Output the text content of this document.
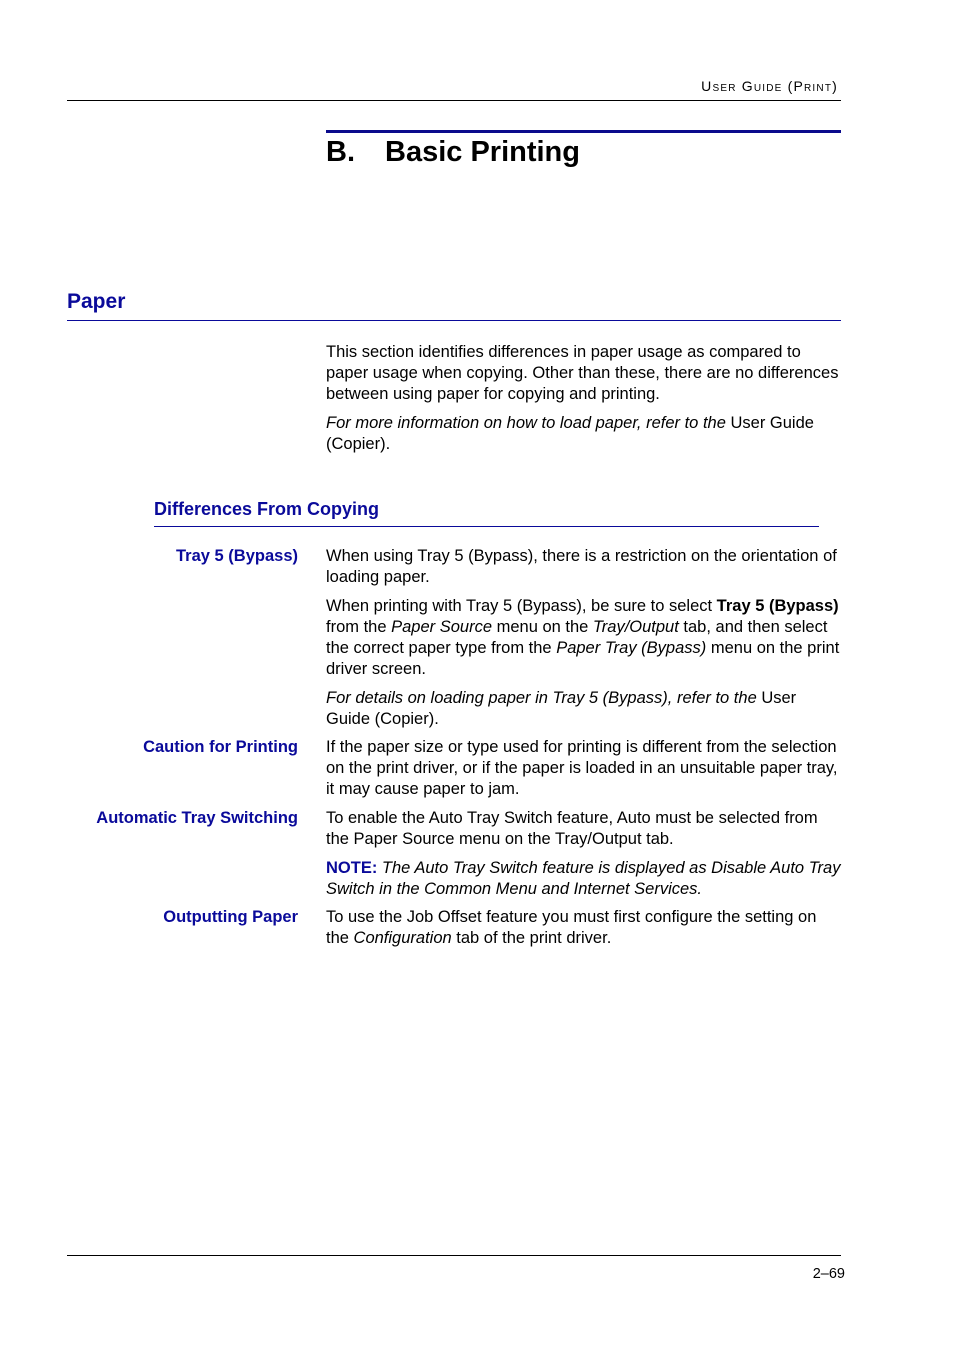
User Guide (Print)
B. Basic Printing
Paper

This section identifies differences in paper usage as compared to paper usage when copying. Other than these, there are no differences between using paper for copying and printing.

For more information on how to load paper, refer to the User Guide (Copier).

Differences From Copying
Tray 5 (Bypass) When using Tray 5 (Bypass), there is a restriction on the orientation of loading paper.

When printing with Tray 5 (Bypass), be sure to select Tray 5 (Bypass) from the Paper Source menu on the Tray/Output tab, and then select the correct paper type from the Paper Tray (Bypass) menu on the print driver screen.

For details on loading paper in Tray 5 (Bypass), refer to the User Guide (Copier).

Caution for Printing If the paper size or type used for printing is different from the selection on the print driver, or if the paper is loaded in an unsuitable paper tray, it may cause paper to jam.

Automatic Tray Switching To enable the Auto Tray Switch feature, Auto must be selected from the Paper Source menu on the Tray/Output tab.

NOTE: The Auto Tray Switch feature is displayed as Disable Auto Tray Switch in the Common Menu and Internet Services.

Outputting Paper To use the Job Offset feature you must first configure the setting on the Configuration tab of the print driver.

2–69
